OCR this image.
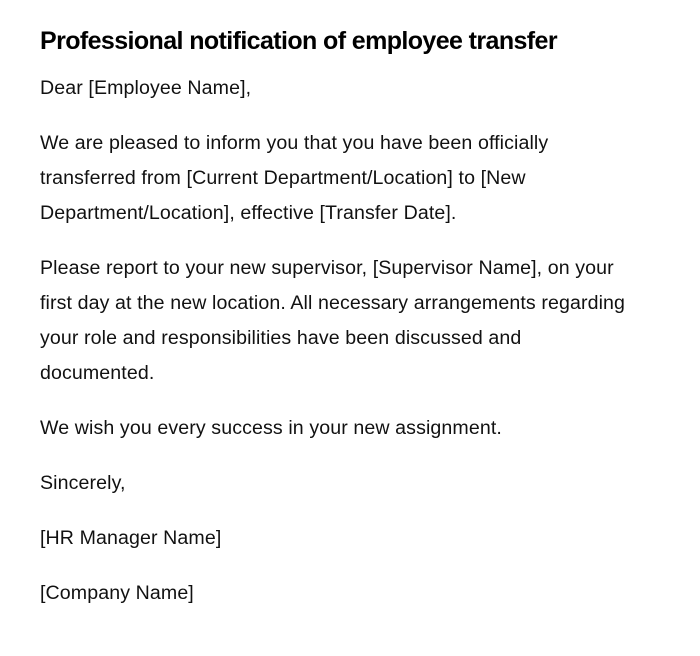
Professional notification of employee transfer

Dear [Employee Name],

We are pleased to inform you that you have been officially transferred from [Current Department/Location] to [New Department/Location], effective [Transfer Date].

Please report to your new supervisor, [Supervisor Name], on your first day at the new location. All necessary arrangements regarding your role and responsibilities have been discussed and documented.

We wish you every success in your new assignment.

Sincerely,

[HR Manager Name]

[Company Name]
